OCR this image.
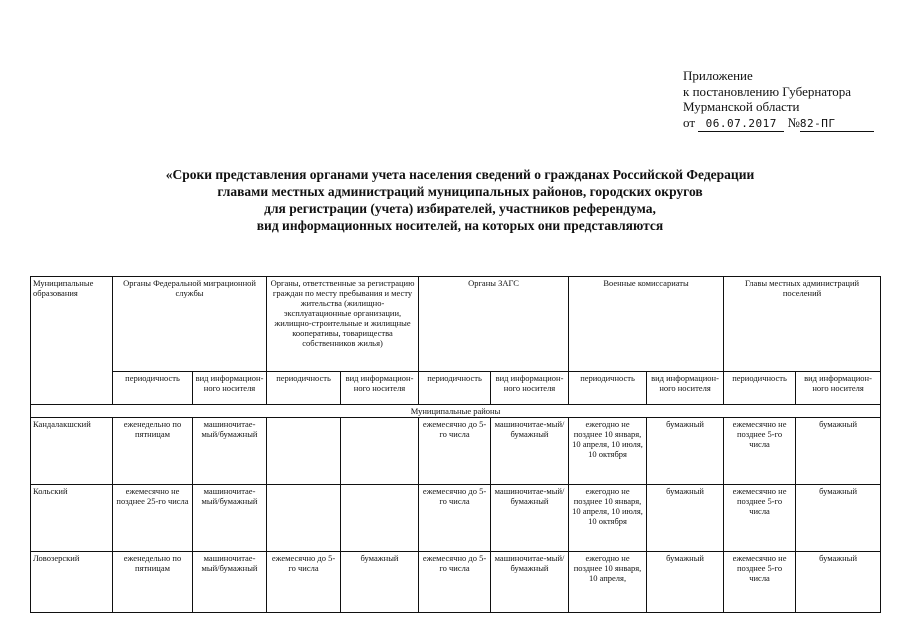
Приложение
к постановлению Губернатора
Мурманской области
от 06.07.2017 №82-ПГ
«Сроки представления органами учета населения сведений о гражданах Российской Федерации
главами местных администраций муниципальных районов, городских округов
для регистрации (учета) избирателей, участников референдума,
вид информационных носителей, на которых они представляются
Муниципальные образования	Органы Федеральной миграционной службы		Органы, ответственные за регистрацию граждан по месту пребывания и месту жительства (жилищно-эксплуатационные организации, жилищно-строительные и жилищные кооперативы, товарищества собственников жилья)		Органы ЗАГС		Военные комиссариаты		Главы местных администраций поселений	
	периодичность	вид информацион-ного носителя	периодичность	вид информацион-ного носителя	периодичность	вид информацион-ного носителя	периодичность	вид информацион-ного носителя	периодичность	вид информацион-ного носителя
Муниципальные районы										
Кандалакшский	еженедельно по пятницам	машиночитае-мый/бумажный			ежемесячно до 5-го числа	машиночитае-мый/бумажный	ежегодно не позднее 10 января, 10 апреля, 10 июля, 10 октября	бумажный	ежемесячно не позднее 5-го числа	бумажный
Кольский	ежемесячно не позднее 25-го числа	машиночитае-мый/бумажный			ежемесячно до 5-го числа	машиночитае-мый/бумажный	ежегодно не позднее 10 января, 10 апреля, 10 июля, 10 октября	бумажный	ежемесячно не позднее 5-го числа	бумажный
Ловозерский	еженедельно по пятницам	машиночитае-мый/бумажный	ежемесячно до 5-го числа	бумажный	ежемесячно до 5-го числа	машиночитае-мый/бумажный	ежегодно не позднее 10 января, 10 апреля,	бумажный	ежемесячно не позднее 5-го числа	бумажный
